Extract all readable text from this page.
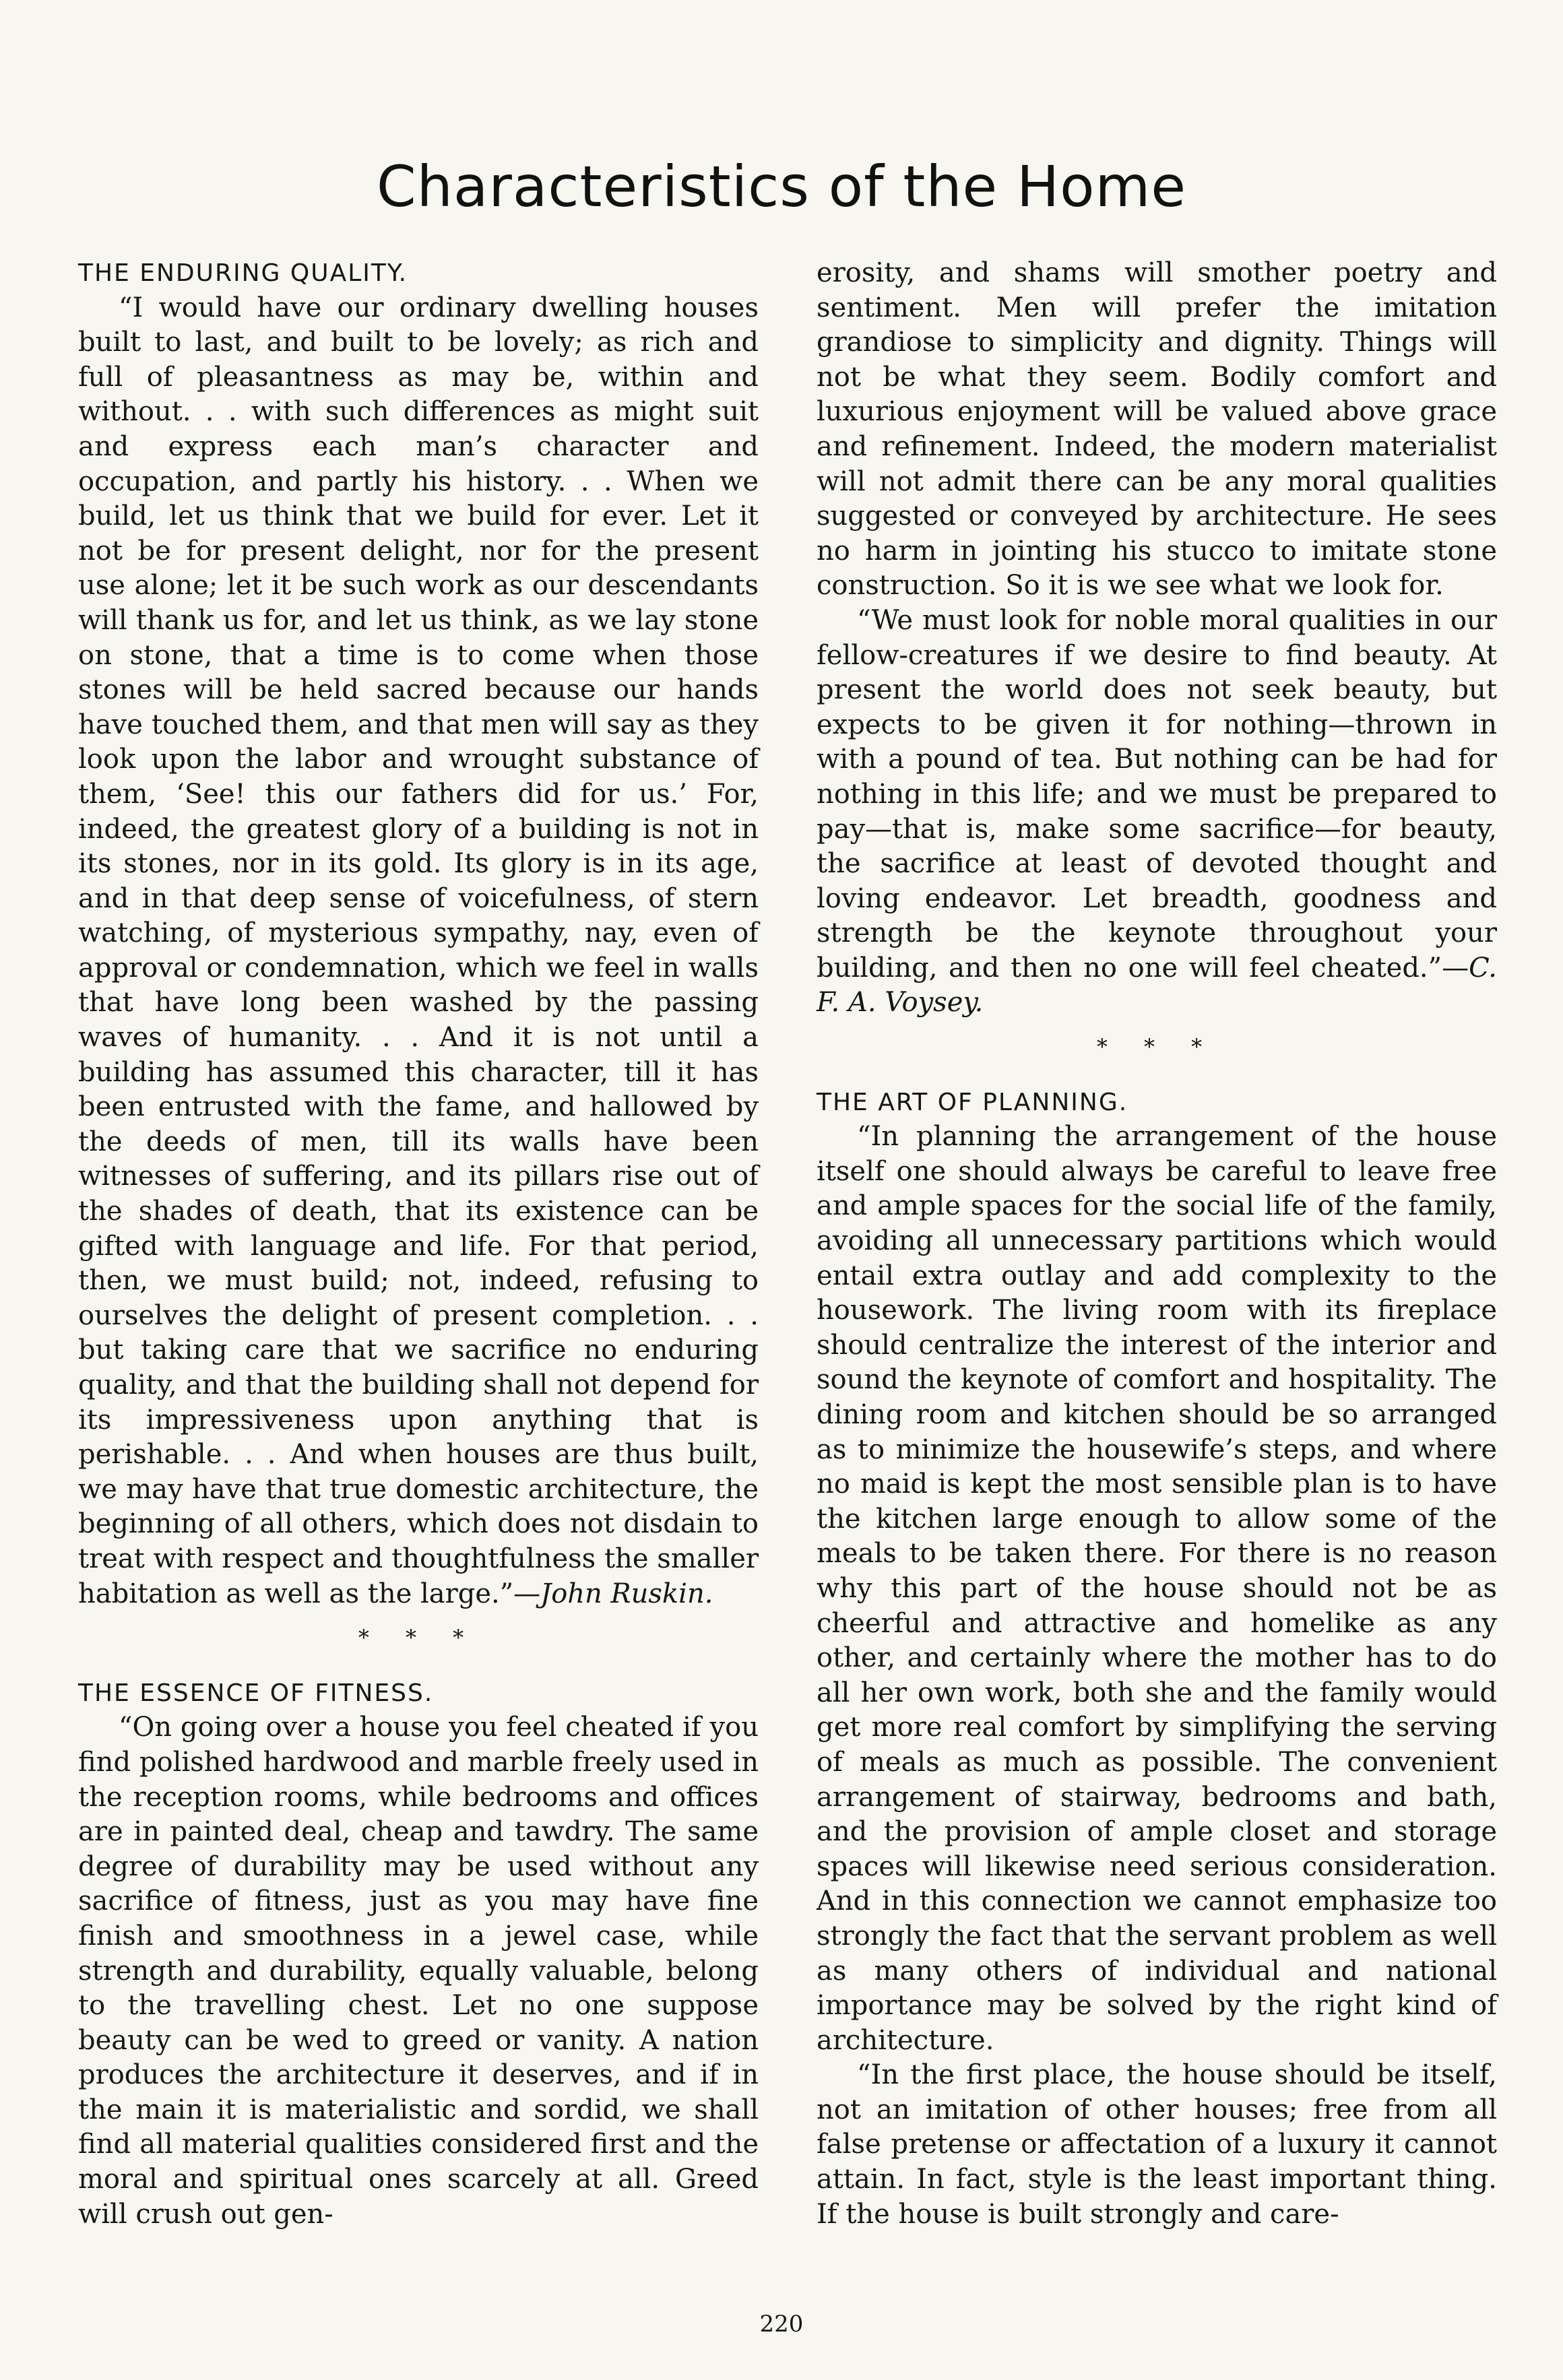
Characteristics of the Home

THE ENDURING QUALITY.

“I would have our ordinary dwelling houses built to last, and built to be lovely; as rich and full of pleasantness as may be, within and without. . . with such differences as might suit and express each man’s character and occupation, and partly his history. . . When we build, let us think that we build for ever. Let it not be for present delight, nor for the present use alone; let it be such work as our descendants will thank us for, and let us think, as we lay stone on stone, that a time is to come when those stones will be held sacred because our hands have touched them, and that men will say as they look upon the labor and wrought substance of them, ‘See! this our fathers did for us.’ For, indeed, the greatest glory of a building is not in its stones, nor in its gold. Its glory is in its age, and in that deep sense of voicefulness, of stern watching, of mysterious sympathy, nay, even of approval or condemnation, which we feel in walls that have long been washed by the passing waves of humanity. . . And it is not until a building has assumed this character, till it has been entrusted with the fame, and hallowed by the deeds of men, till its walls have been witnesses of suffering, and its pillars rise out of the shades of death, that its existence can be gifted with language and life. For that period, then, we must build; not, indeed, refusing to ourselves the delight of present completion. . . but taking care that we sacrifice no enduring quality, and that the building shall not depend for its impressiveness upon anything that is perishable. . . And when houses are thus built, we may have that true domestic architecture, the beginning of all others, which does not disdain to treat with respect and thoughtfulness the smaller habitation as well as the large.”—John Ruskin.

* * *

THE ESSENCE OF FITNESS.

“On going over a house you feel cheated if you find polished hardwood and marble freely used in the reception rooms, while bedrooms and offices are in painted deal, cheap and tawdry. The same degree of durability may be used without any sacrifice of fitness, just as you may have fine finish and smoothness in a jewel case, while strength and durability, equally valuable, belong to the travelling chest. Let no one suppose beauty can be wed to greed or vanity. A nation produces the architecture it deserves, and if in the main it is materialistic and sordid, we shall find all material qualities considered first and the moral and spiritual ones scarcely at all. Greed will crush out gen-

erosity, and shams will smother poetry and sentiment. Men will prefer the imitation grandiose to simplicity and dignity. Things will not be what they seem. Bodily comfort and luxurious enjoyment will be valued above grace and refinement. Indeed, the modern materialist will not admit there can be any moral qualities suggested or conveyed by architecture. He sees no harm in jointing his stucco to imitate stone construction. So it is we see what we look for.

“We must look for noble moral qualities in our fellow-creatures if we desire to find beauty. At present the world does not seek beauty, but expects to be given it for nothing—thrown in with a pound of tea. But nothing can be had for nothing in this life; and we must be prepared to pay—that is, make some sacrifice—for beauty, the sacrifice at least of devoted thought and loving endeavor. Let breadth, goodness and strength be the keynote throughout your building, and then no one will feel cheated.”—C. F. A. Voysey.

* * *

THE ART OF PLANNING.

“In planning the arrangement of the house itself one should always be careful to leave free and ample spaces for the social life of the family, avoiding all unnecessary partitions which would entail extra outlay and add complexity to the housework. The living room with its fireplace should centralize the interest of the interior and sound the keynote of comfort and hospitality. The dining room and kitchen should be so arranged as to minimize the housewife’s steps, and where no maid is kept the most sensible plan is to have the kitchen large enough to allow some of the meals to be taken there. For there is no reason why this part of the house should not be as cheerful and attractive and homelike as any other, and certainly where the mother has to do all her own work, both she and the family would get more real comfort by simplifying the serving of meals as much as possible. The convenient arrangement of stairway, bedrooms and bath, and the provision of ample closet and storage spaces will likewise need serious consideration. And in this connection we cannot emphasize too strongly the fact that the servant problem as well as many others of individual and national importance may be solved by the right kind of architecture.

“In the first place, the house should be itself, not an imitation of other houses; free from all false pretense or affectation of a luxury it cannot attain. In fact, style is the least important thing. If the house is built strongly and care-

220
